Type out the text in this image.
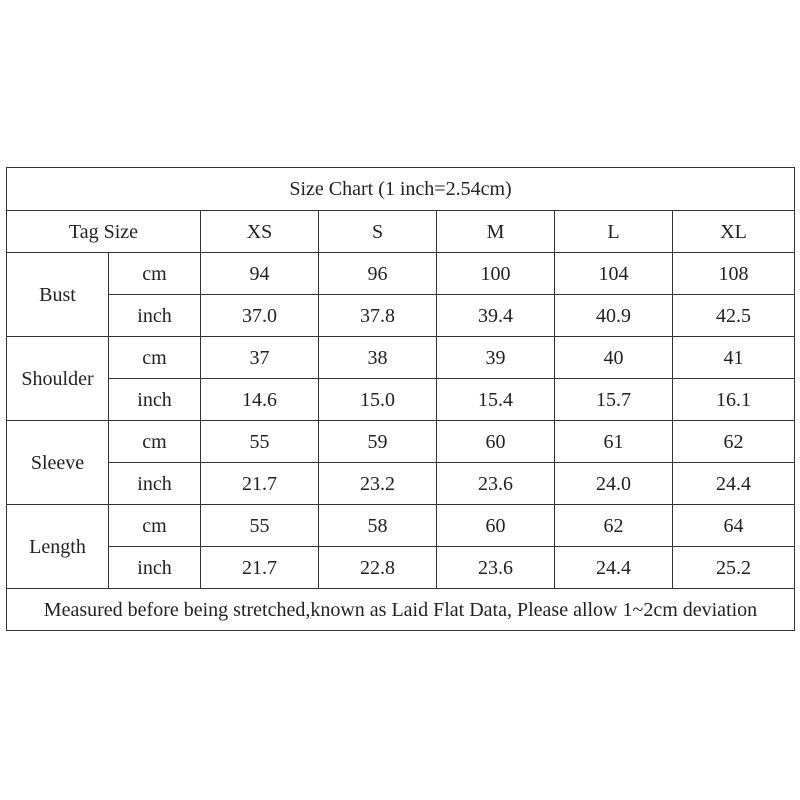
Size Chart (1 inch=2.54cm)						
Tag Size		XS	S	M	L	XL
Bust	cm	94	96	100	104	108
	inch	37.0	37.8	39.4	40.9	42.5
Shoulder	cm	37	38	39	40	41
	inch	14.6	15.0	15.4	15.7	16.1
Sleeve	cm	55	59	60	61	62
	inch	21.7	23.2	23.6	24.0	24.4
Length	cm	55	58	60	62	64
	inch	21.7	22.8	23.6	24.4	25.2
Measured before being stretched,known as Laid Flat Data, Please allow 1~2cm deviation						
